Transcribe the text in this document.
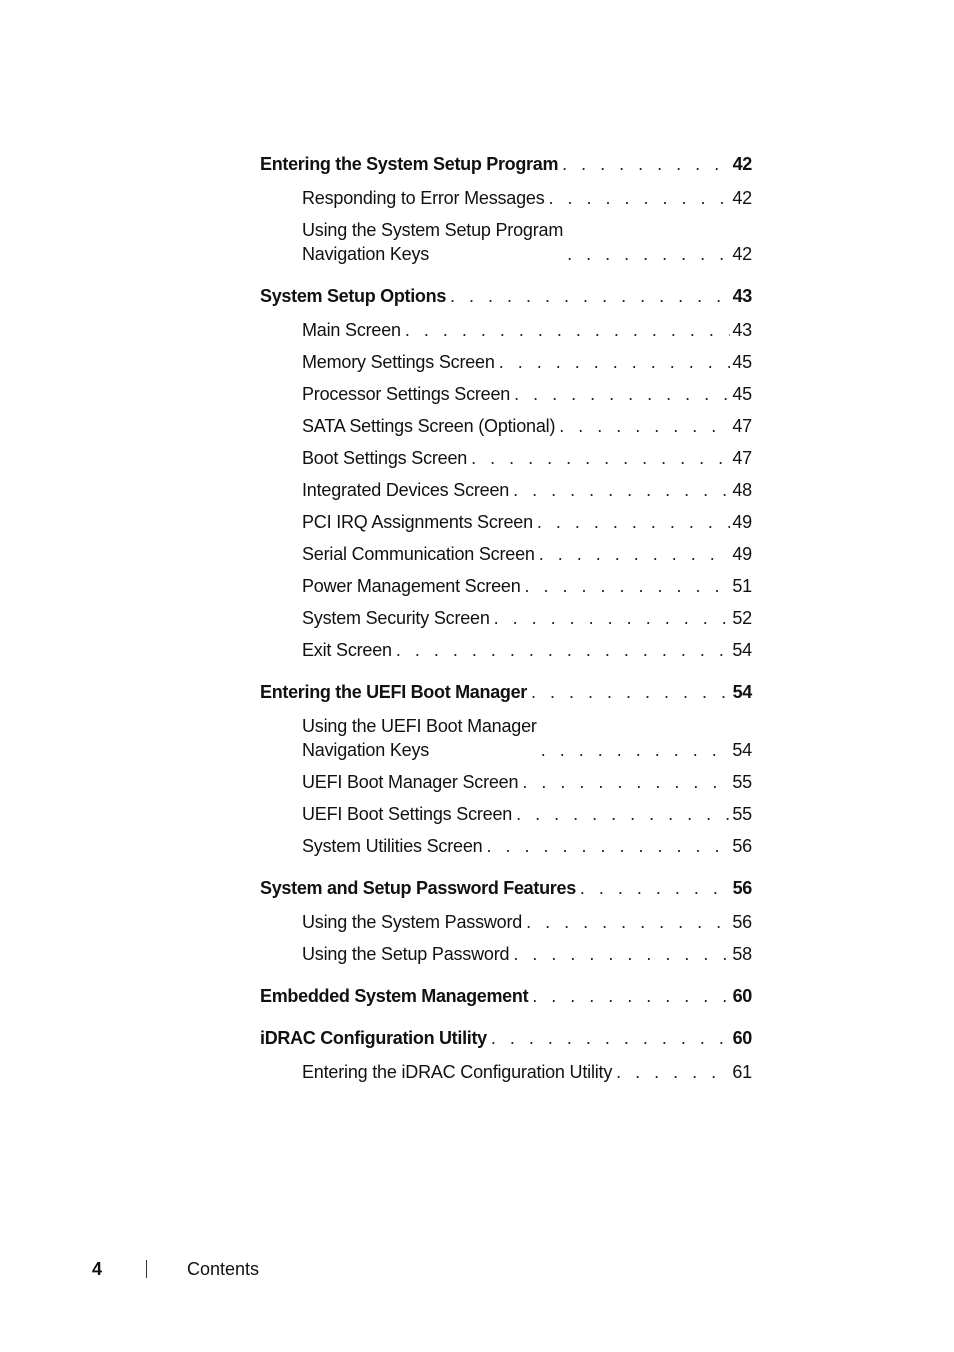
Entering the System Setup Program . . .	42
Responding to Error Messages . . .	42
Using the System Setup Program
Navigation Keys . . .	42
System Setup Options . . .	43
Main Screen . . .	43
Memory Settings Screen . . .	45
Processor Settings Screen . . .	45
SATA Settings Screen (Optional) . . .	47
Boot Settings Screen . . .	47
Integrated Devices Screen . . .	48
PCI IRQ Assignments Screen . . .	49
Serial Communication Screen . . .	49
Power Management Screen . . .	51
System Security Screen . . .	52
Exit Screen . . .	54
Entering the UEFI Boot Manager . . .	54
Using the UEFI Boot Manager
Navigation Keys . . .	54
UEFI Boot Manager Screen . . .	55
UEFI Boot Settings Screen . . .	55
System Utilities Screen . . .	56
System and Setup Password Features . . .	56
Using the System Password . . .	56
Using the Setup Password . . .	58
Embedded System Management . . .	60
iDRAC Configuration Utility . . .	60
Entering the iDRAC Configuration Utility . . .	61
4	Contents
